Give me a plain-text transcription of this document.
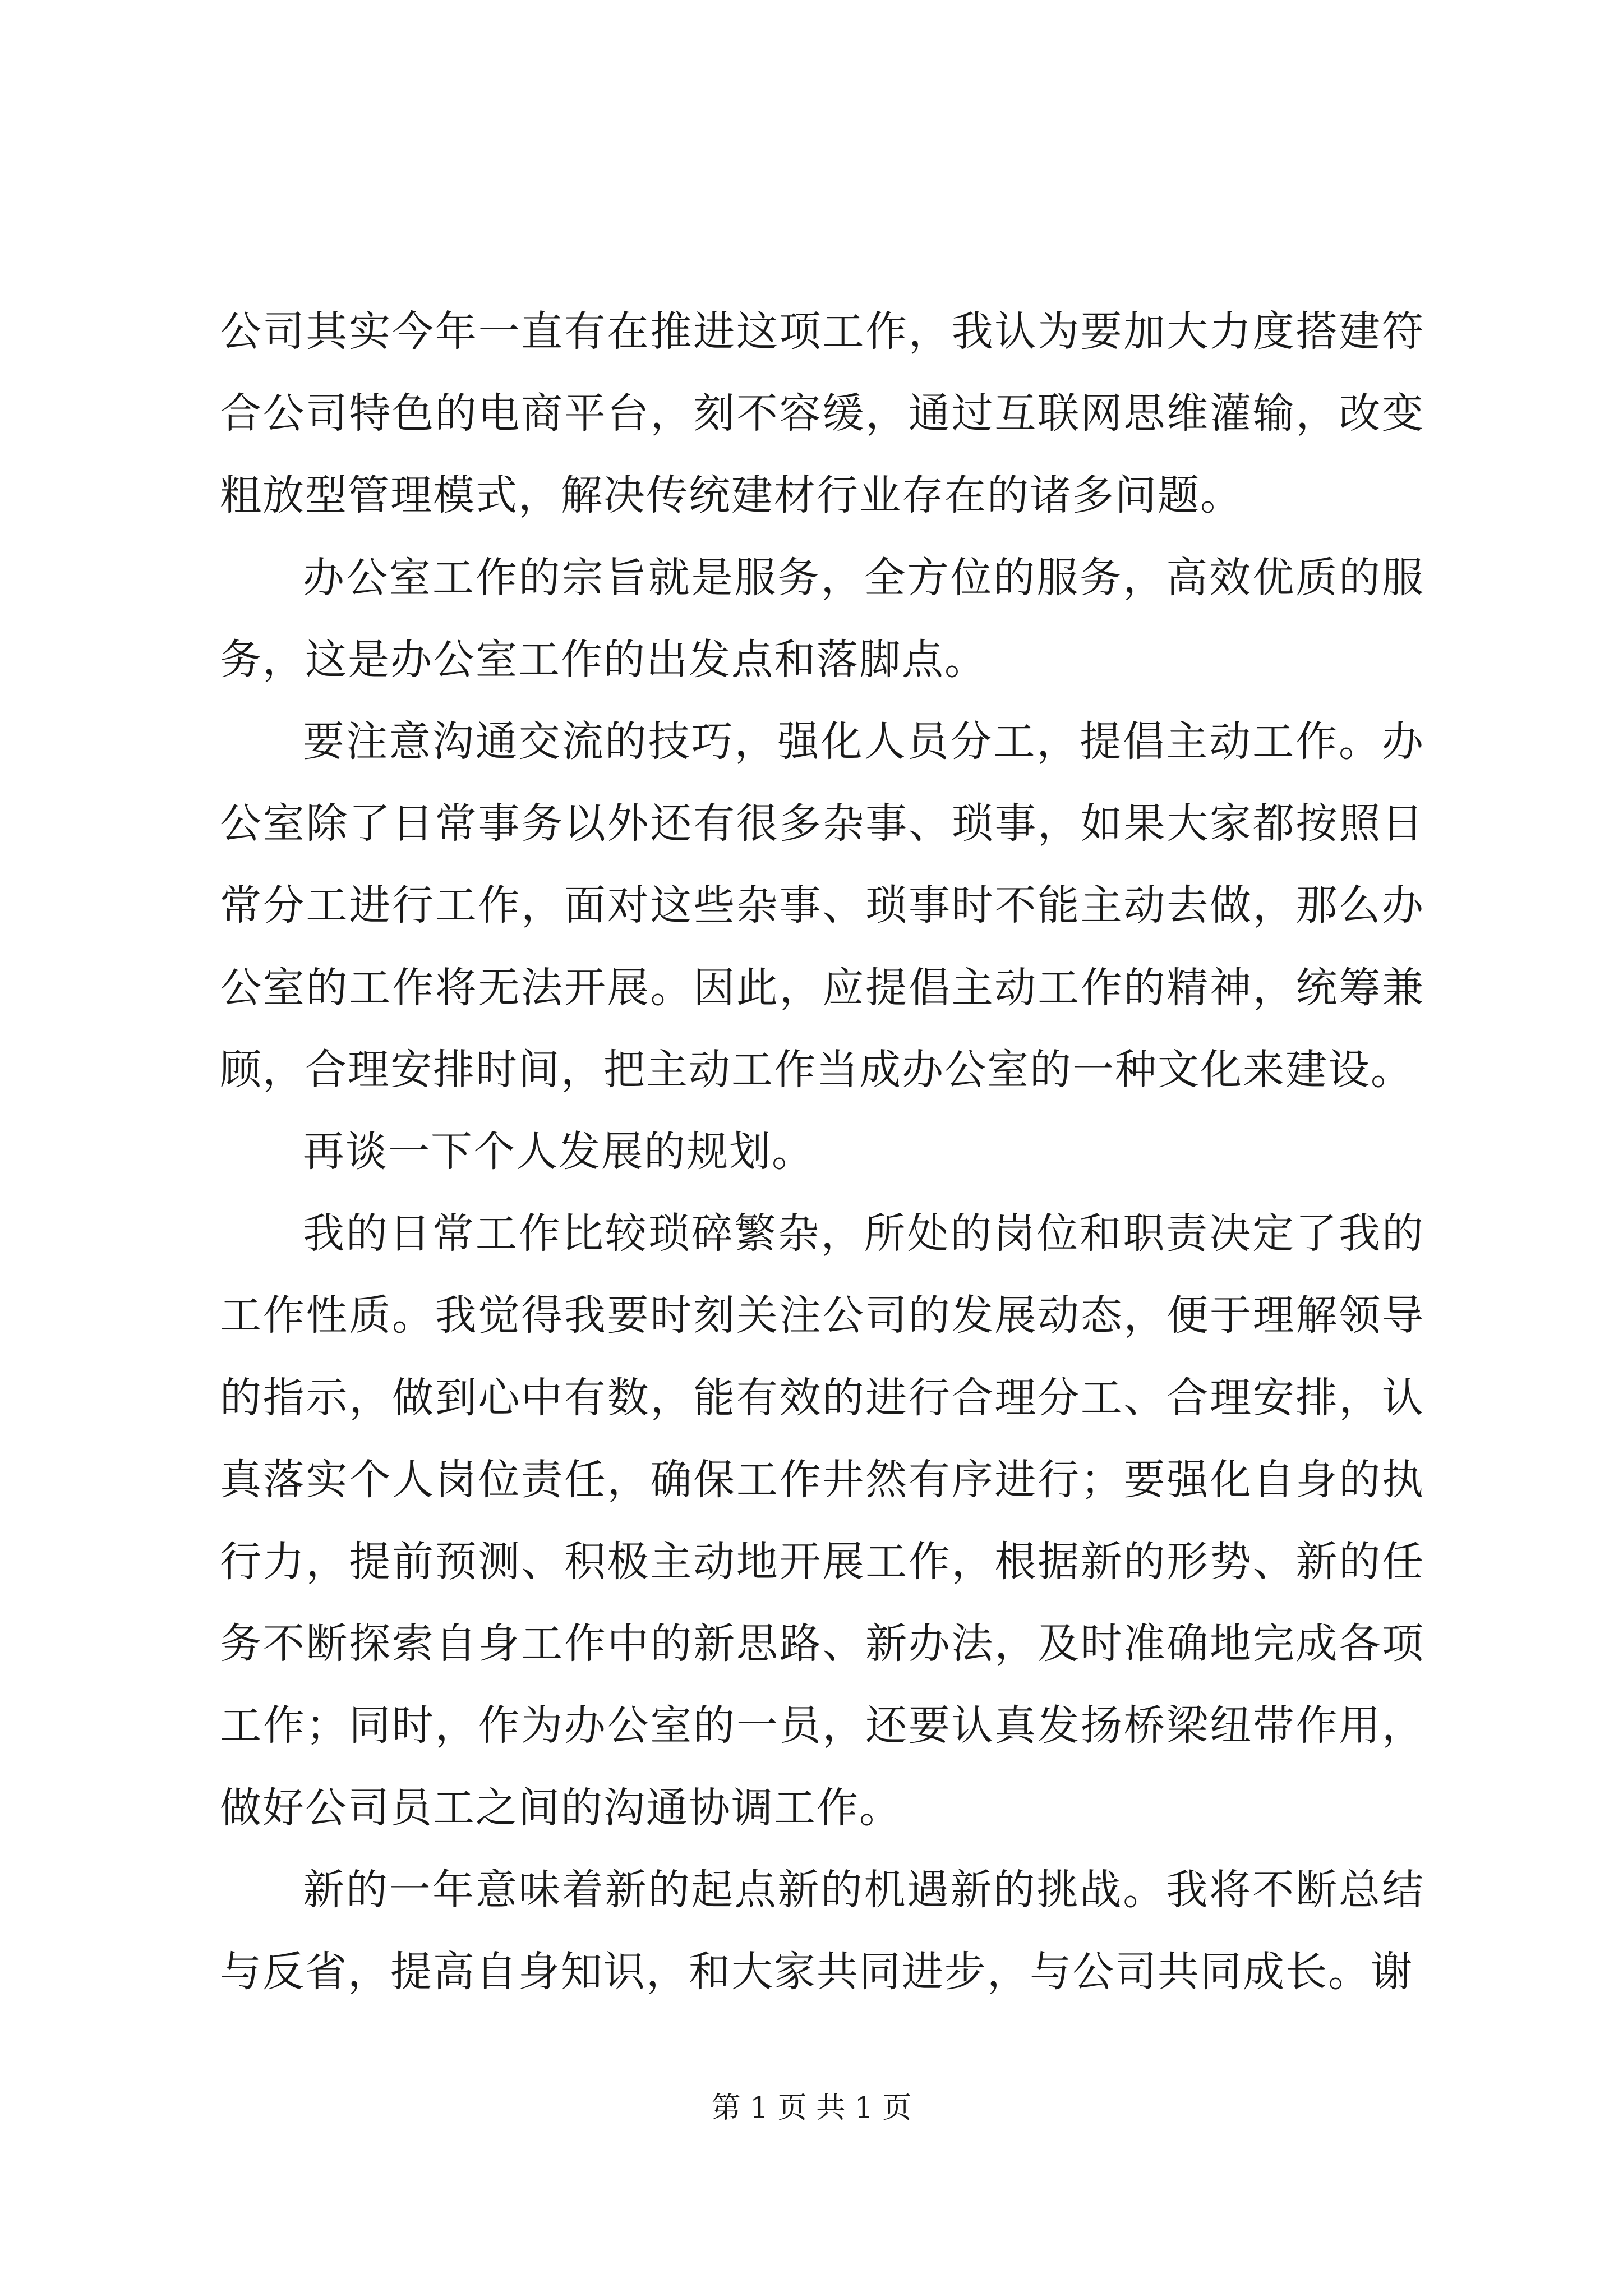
公司其实今年一直有在推进这项工作，我认为要加大力度搭建符合公司特色的电商平台，刻不容缓，通过互联网思维灌输，改变粗放型管理模式，解决传统建材行业存在的诸多问题。

办公室工作的宗旨就是服务，全方位的服务，高效优质的服务，这是办公室工作的出发点和落脚点。

要注意沟通交流的技巧，强化人员分工，提倡主动工作。办公室除了日常事务以外还有很多杂事、琐事，如果大家都按照日常分工进行工作，面对这些杂事、琐事时不能主动去做，那么办公室的工作将无法开展。因此，应提倡主动工作的精神，统筹兼顾，合理安排时间，把主动工作当成办公室的一种文化来建设。

再谈一下个人发展的规划。

我的日常工作比较琐碎繁杂，所处的岗位和职责决定了我的工作性质。我觉得我要时刻关注公司的发展动态，便于理解领导的指示，做到心中有数，能有效的进行合理分工、合理安排，认真落实个人岗位责任，确保工作井然有序进行；要强化自身的执行力，提前预测、积极主动地开展工作，根据新的形势、新的任务不断探索自身工作中的新思路、新办法，及时准确地完成各项工作；同时，作为办公室的一员，还要认真发扬桥梁纽带作用，做好公司员工之间的沟通协调工作。

新的一年意味着新的起点新的机遇新的挑战。我将不断总结与反省，提高自身知识，和大家共同进步，与公司共同成长。谢

第 1 页 共 1 页
